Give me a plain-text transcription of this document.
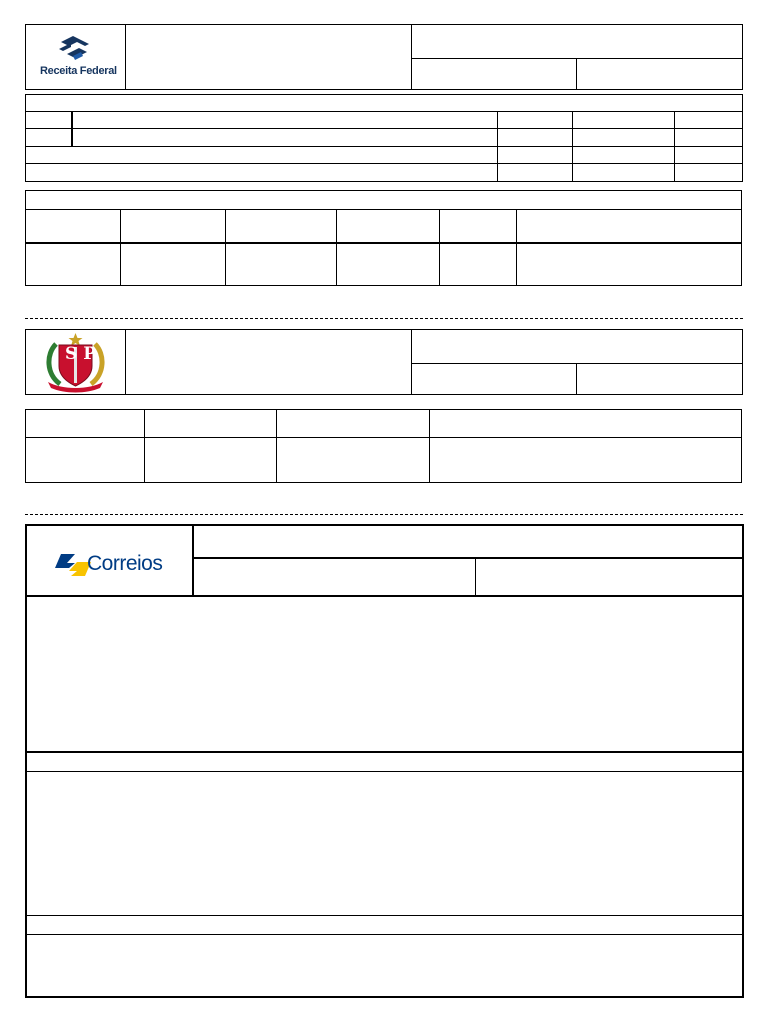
Receita Federal
SP
Correios
